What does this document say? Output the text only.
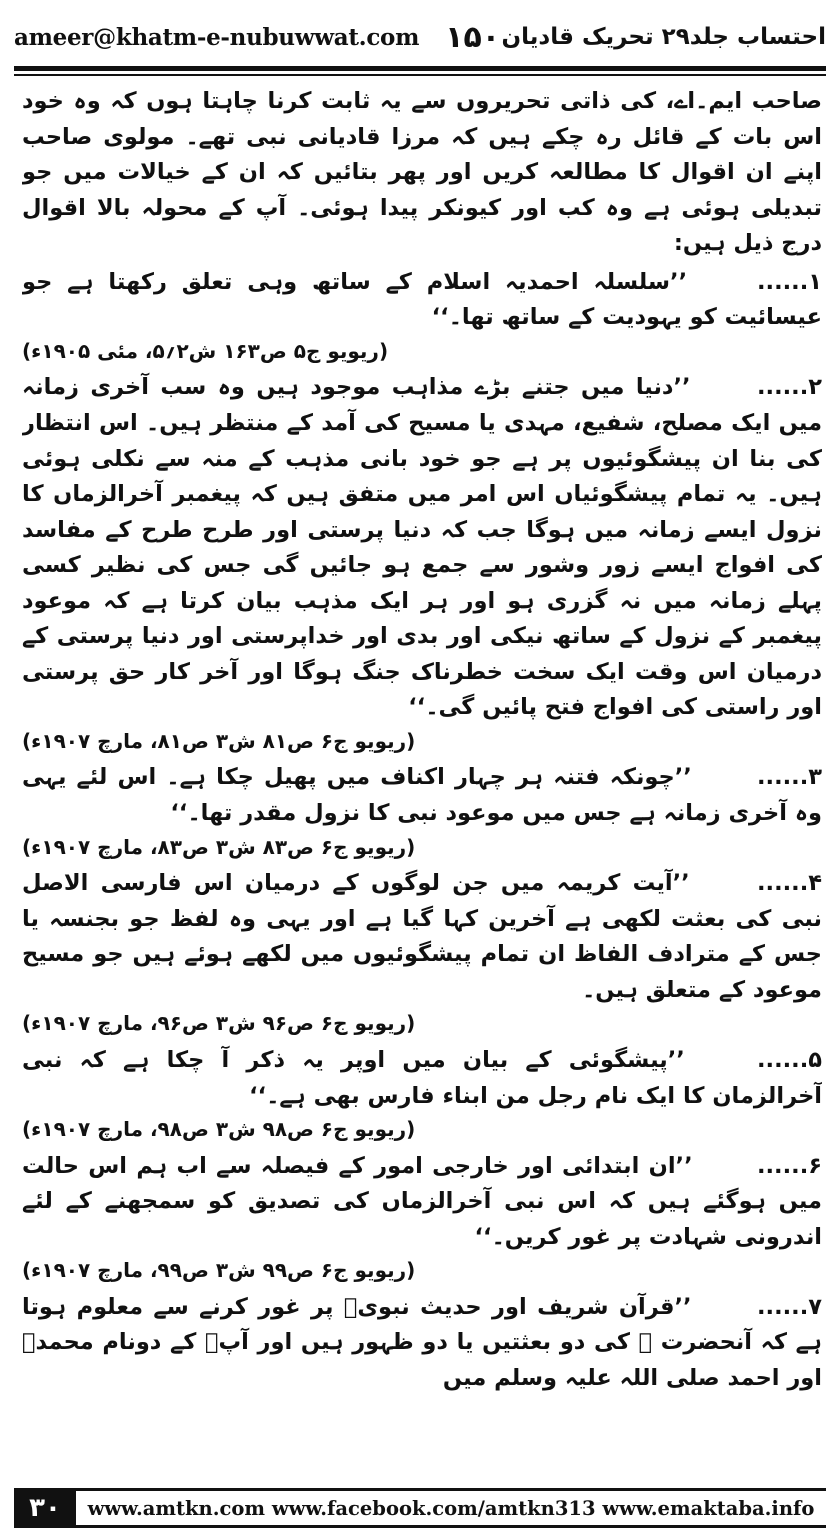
ameer@khatm-e-nubuwwat.com ۱۵۰ احتساب جلد۲۹ تحریک قادیان

صاحب ایم۔اے، کی ذاتی تحریروں سے یہ ثابت کرنا چاہتا ہوں کہ وہ خود اس بات کے قائل رہ چکے ہیں کہ مرزا قادیانی نبی تھے۔ مولوی صاحب اپنے ان اقوال کا مطالعہ کریں اور پھر بتائیں کہ ان کے خیالات میں جو تبدیلی ہوئی ہے وہ کب اور کیونکر پیدا ہوئی۔ آپ کے محولہ بالا اقوال درج ذیل ہیں:

۱...... ’’سلسلہ احمدیہ اسلام کے ساتھ وہی تعلق رکھتا ہے جو عیسائیت کو یہودیت کے ساتھ تھا۔‘‘
(ریویو ج۵ ص۱۶۳ ش۲؍۵، مئی ۱۹۰۵ء)
۲...... ’’دنیا میں جتنے بڑے مذاہب موجود ہیں وہ سب آخری زمانہ میں ایک مصلح، شفیع، مہدی یا مسیح کی آمد کے منتظر ہیں۔ اس انتظار کی بنا ان پیشگوئیوں پر ہے جو خود بانی مذہب کے منہ سے نکلی ہوئی ہیں۔ یہ تمام پیشگوئیاں اس امر میں متفق ہیں کہ پیغمبر آخرالزماں کا نزول ایسے زمانہ میں ہوگا جب کہ دنیا پرستی اور طرح طرح کے مفاسد کی افواج ایسے زور وشور سے جمع ہو جائیں گی جس کی نظیر کسی پہلے زمانہ میں نہ گزری ہو اور ہر ایک مذہب بیان کرتا ہے کہ موعود پیغمبر کے نزول کے ساتھ نیکی اور بدی اور خداپرستی اور دنیا پرستی کے درمیان اس وقت ایک سخت خطرناک جنگ ہوگا اور آخر کار حق پرستی اور راستی کی افواج فتح پائیں گی۔‘‘
(ریویو ج۶ ص۸۱ ش۳ ص۸۱، مارچ ۱۹۰۷ء)
۳...... ’’چونکہ فتنہ ہر چہار اکناف میں پھیل چکا ہے۔ اس لئے یہی وہ آخری زمانہ ہے جس میں موعود نبی کا نزول مقدر تھا۔‘‘
(ریویو ج۶ ص۸۳ ش۳ ص۸۳، مارچ ۱۹۰۷ء)
۴...... ’’آیت کریمہ میں جن لوگوں کے درمیان اس فارسی الاصل نبی کی بعثت لکھی ہے آخرین کہا گیا ہے اور یہی وہ لفظ جو بجنسہ یا جس کے مترادف الفاظ ان تمام پیشگوئیوں میں لکھے ہوئے ہیں جو مسیح موعود کے متعلق ہیں۔
(ریویو ج۶ ص۹۶ ش۳ ص۹۶، مارچ ۱۹۰۷ء)
۵...... ’’پیشگوئی کے بیان میں اوپر یہ ذکر آ چکا ہے کہ نبی آخرالزمان کا ایک نام رجل من ابناء فارس بھی ہے۔‘‘
(ریویو ج۶ ص۹۸ ش۳ ص۹۸، مارچ ۱۹۰۷ء)
۶...... ’’ان ابتدائی اور خارجی امور کے فیصلہ سے اب ہم اس حالت میں ہوگئے ہیں کہ اس نبی آخرالزماں کی تصدیق کو سمجھنے کے لئے اندرونی شہادت پر غور کریں۔‘‘
(ریویو ج۶ ص۹۹ ش۳ ص۹۹، مارچ ۱۹۰۷ء)
۷...... ’’قرآن شریف اور حدیث نبویؐ پر غور کرنے سے معلوم ہوتا ہے کہ آنحضرت ﷺ کی دو بعثتیں یا دو ظہور ہیں اور آپؐ کے دونام محمدؐ اور احمد صلی اللہ علیہ وسلم میں
۳۰	www.amtkn.com www.facebook.com/amtkn313 www.emaktaba.info
